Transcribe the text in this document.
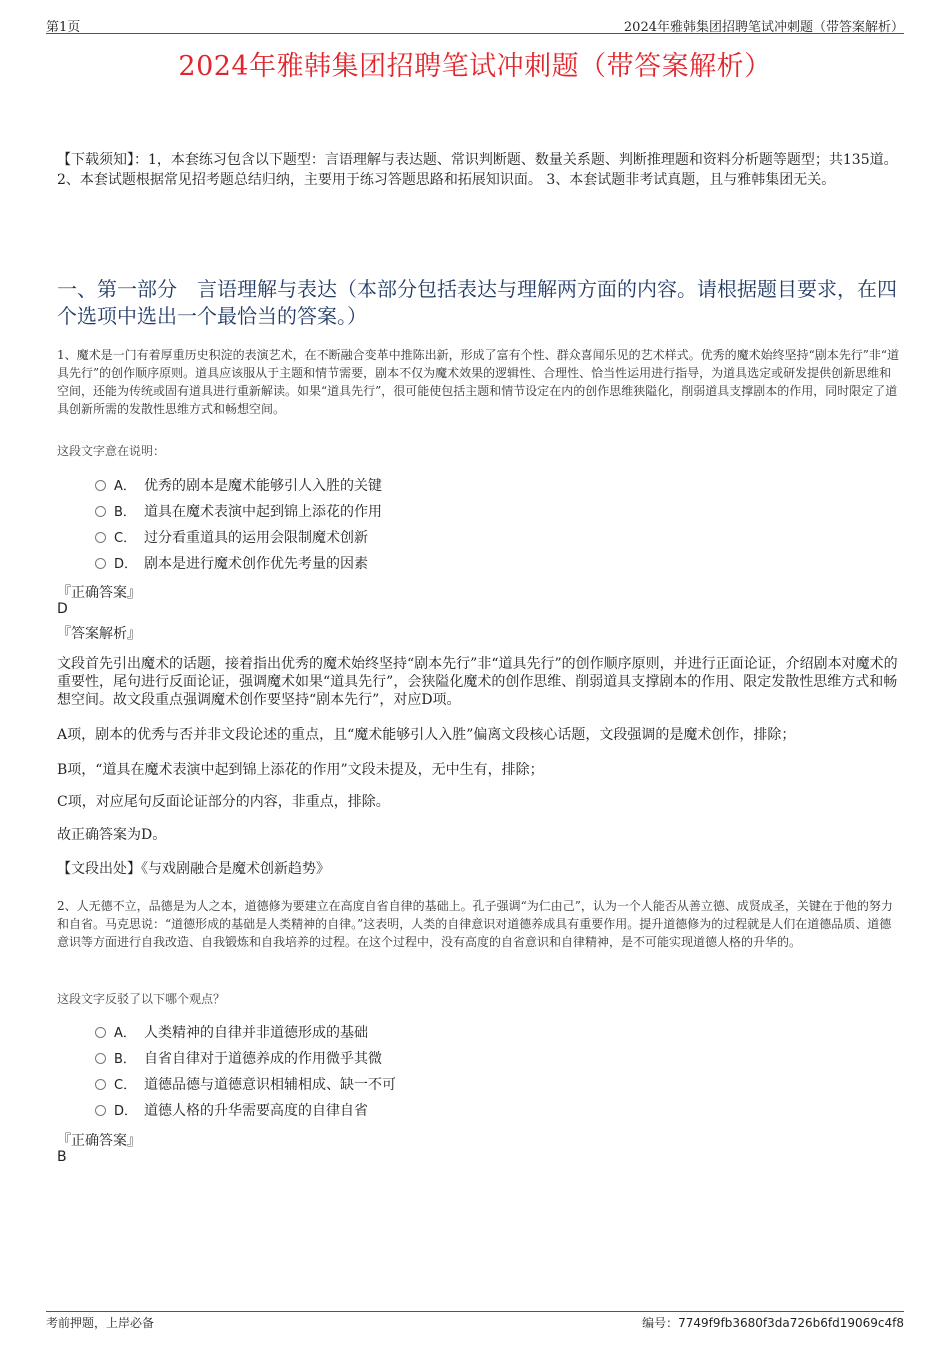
第1页	2024年雅韩集团招聘笔试冲刺题（带答案解析）
2024年雅韩集团招聘笔试冲刺题（带答案解析）
【下载须知】：1，本套练习包含以下题型：言语理解与表达题、常识判断题、数量关系题、判断推理题和资料分析题等题型；共135道。 2、本套试题根据常见招考题总结归纳，主要用于练习答题思路和拓展知识面。 3、本套试题非考试真题，且与雅韩集团无关。
一、第一部分　言语理解与表达（本部分包括表达与理解两方面的内容。请根据题目要求，在四个选项中选出一个最恰当的答案。）
1、魔术是一门有着厚重历史积淀的表演艺术，在不断融合变革中推陈出新，形成了富有个性、群众喜闻乐见的艺术样式。优秀的魔术始终坚持“剧本先行”非“道具先行”的创作顺序原则。道具应该服从于主题和情节需要，剧本不仅为魔术效果的逻辑性、合理性、恰当性运用进行指导，为道具选定或研发提供创新思维和空间，还能为传统或固有道具进行重新解读。如果“道具先行”，很可能使包括主题和情节设定在内的创作思维狭隘化，削弱道具支撑剧本的作用，同时限定了道具创新所需的发散性思维方式和畅想空间。
这段文字意在说明：
A． 优秀的剧本是魔术能够引人入胜的关键
B． 道具在魔术表演中起到锦上添花的作用
C． 过分看重道具的运用会限制魔术创新
D． 剧本是进行魔术创作优先考量的因素
『正确答案』
D
『答案解析』
文段首先引出魔术的话题，接着指出优秀的魔术始终坚持“剧本先行”非“道具先行”的创作顺序原则，并进行正面论证，介绍剧本对魔术的重要性，尾句进行反面论证，强调魔术如果“道具先行”，会狭隘化魔术的创作思维、削弱道具支撑剧本的作用、限定发散性思维方式和畅想空间。故文段重点强调魔术创作要坚持“剧本先行”，对应D项。
A项，剧本的优秀与否并非文段论述的重点，且“魔术能够引人入胜”偏离文段核心话题，文段强调的是魔术创作，排除；
B项，“道具在魔术表演中起到锦上添花的作用”文段未提及，无中生有，排除；
C项，对应尾句反面论证部分的内容，非重点，排除。
故正确答案为D。
【文段出处】《与戏剧融合是魔术创新趋势》
2、人无德不立，品德是为人之本，道德修为要建立在高度自省自律的基础上。孔子强调“为仁由己”，认为一个人能否从善立德、成贤成圣，关键在于他的努力和自省。马克思说：“道德形成的基础是人类精神的自律。”这表明，人类的自律意识对道德养成具有重要作用。提升道德修为的过程就是人们在道德品质、道德意识等方面进行自我改造、自我锻炼和自我培养的过程。在这个过程中，没有高度的自省意识和自律精神，是不可能实现道德人格的升华的。
这段文字反驳了以下哪个观点？
A． 人类精神的自律并非道德形成的基础
B． 自省自律对于道德养成的作用微乎其微
C． 道德品德与道德意识相辅相成、缺一不可
D． 道德人格的升华需要高度的自律自省
『正确答案』
B
考前押题，上岸必备	编号：7749f9fb3680f3da726b6fd19069c4f8
